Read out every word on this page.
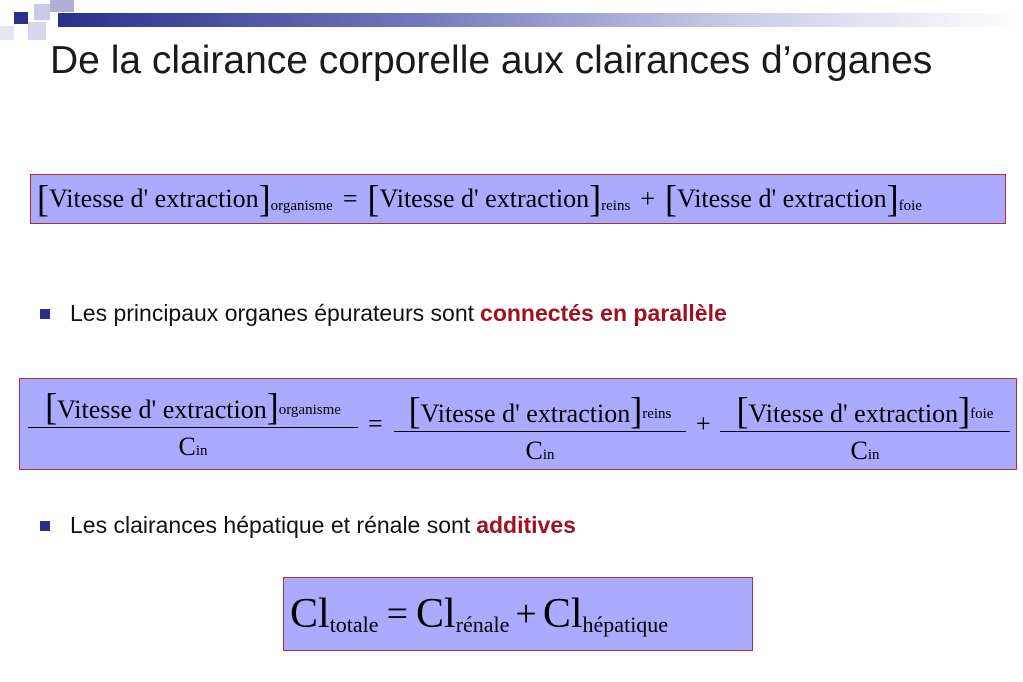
De la clairance corporelle aux clairances d’organes
[ Vitesse d' extraction ] organisme = [ Vitesse d' extraction ] reins + [ Vitesse d' extraction ] foie
Les principaux organes épurateurs sont connectés en parallèle
[ Vitesse d' extraction ] organisme
Cin
= [ Vitesse d' extraction ] reins
Cin
+ [ Vitesse d' extraction ] foie
Cin
Les clairances hépatique et rénale sont additives
Cl totale = Cl rénale + Cl hépatique
